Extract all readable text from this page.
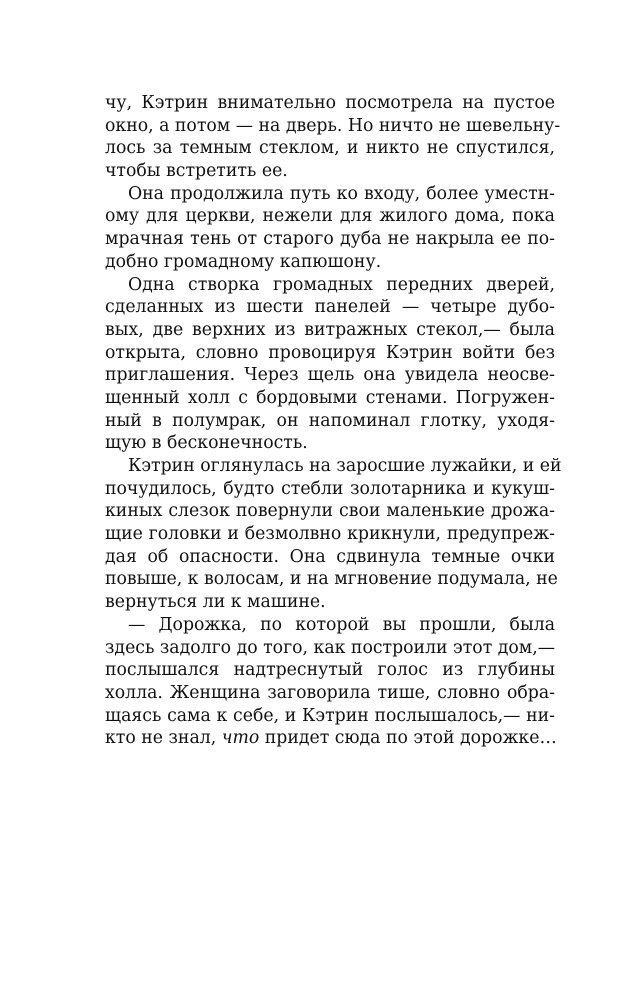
чу, Кэтрин внимательно посмотрела на пустое
окно, а потом — на дверь. Но ничто не шевельну-
лось за темным стеклом, и никто не спустился,
чтобы встретить ее.

Она продолжила путь ко входу, более уместн-
ому для церкви, нежели для жилого дома, пока
мрачная тень от старого дуба не накрыла ее по-
добно громадному капюшону.

Одна створка громадных передних дверей,
сделанных из шести панелей — четыре дубо-
вых, две верхних из витражных стекол,— была
открыта, словно провоцируя Кэтрин войти без
приглашения. Через щель она увидела неосве-
щенный холл с бордовыми стенами. Погружен-
ный в полумрак, он напоминал глотку, уходя-
щую в бесконечность.

Кэтрин оглянулась на заросшие лужайки, и ей
почудилось, будто стебли золотарника и кукуш-
киных слезок повернули свои маленькие дрожа-
щие головки и безмолвно крикнули, предупреж-
дая об опасности. Она сдвинула темные очки
повыше, к волосам, и на мгновение подумала, не
вернуться ли к машине.

— Дорожка, по которой вы прошли, была
здесь задолго до того, как построили этот дом,—
послышался надтреснутый голос из глубины
холла. Женщина заговорила тише, словно обра-
щаясь сама к себе, и Кэтрин послышалось,— ни-
кто не знал, что придет сюда по этой дорожке…
